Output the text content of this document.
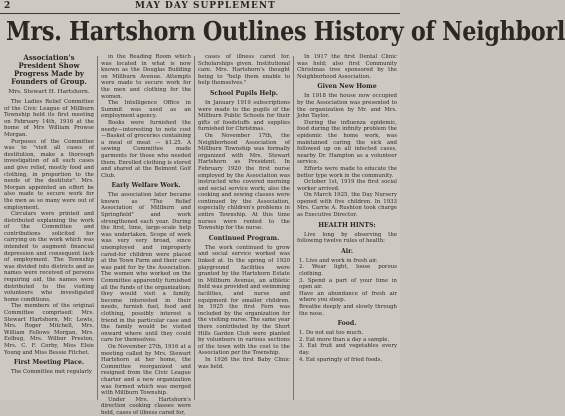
2	MAY DAY SUPPLEMENT
Mrs. Hartshorn Outlines History of Neighborl

Association's President Show Progress Made by Founders of Group.

Mrs. Stewart H. Hartshorn.

The Ladies Relief Committee of the Civic League of Millburn Township held its first meeting on February 14th, 1916 at the home of Mrs William Prowse Morgan.

Purposes of the Committee was to "visit all cases of destitution, make a thorough investigation of all such cases and give relief, mostly food and clothing, in proportion to the needs of the destitute". Mrs. Morgan appointed an effort be also made to secure work for the men as so many were out of employment.

Circulars were printed and distributed explaining the work of the Committee and contributions solicited for carrying on the work which was intended to augment financial depression and consequent lack of employment. The Township was divided into districts and as names were received of persons requiring aid, the names were distributed to the visiting volunteers who investigated home conditions.

The members of the original Committee comprised: Mrs. Stewart Hartshorn, Mr. Lewis, Mrs. Roger Mitchell, Mrs. William Fellows Morgan, Mrs. Eelbug, Mrs. Wilbur Preston, Mrs. C. F. Corby, Miss Elsie Young and Miss Bessie Fitchet.

First Meeting Place.

The Committee met regularly

in the Reading Room which was located in what is now known as the Douglas Building on Millburn Avenue. Attempts were made to secure work for the men and clothing for the women.

The Intelligence Office in Summit was used as an employment agency.

Books were furnished the needy—interesting to note cost—Basket of groceries containing a meal of meat — $1.25. A sewing Committee made garments for those who needed them. Enrolled clothing is stored and shared at the Belmont Golf Club.

Early Welfare Work.

The association later became known as "The Relief Association of Millburn and Springfield" and work strengthened each year. During the first, time, large-scale help was undertaken. Scope of work was very very broad, since unemployed and improperly cared-for children were placed at the Town Farm and their care was paid for by the Association. The women who worked on the Committee apparently furnished all the funds of the organization; they would visit a family, become interested in their needs, furnish fuel, food and clothing, possibly interest a friend in the particular case and the family would be visited onward where until they could care for themselves.

On November 27th, 1916 at a meeting called by Mrs. Stewart Hartshorn at her home, the Committee reorganized and resigned from the Civic League charter and a new organization was formed which was merged with Millburn Township.

Under Mrs. Hartshorn's direction cooking classes were held, cases of illness cared for,

cases of illness cared for. Scholarships given. Institutional care. Mrs. Hartshorn's thought being to "help them enable to help themselves."

School Pupils Help.

In January 1919 subscriptions were made to the pupils of the Millburn Public Schools for their gifts of foodstuffs and supplies furnished for Christmas.

On November 17th, the Neighborhood Association of Millburn Township was formally organized with Mrs. Stewart Hartshorn as President. In February 1920 the first nurse employed by the Association was instructed who covered morning and social service work; also the cooking and sewing classes were continued by the Association, especially children's problems in entire Township. At this time nurses were rented to the Township for the nurse.

Continued Program.

The work continued to grow and social service worked was linked at. In the spring of 1920 playground facilities were granted by the Hartshorn Estate in Millburn Avenue, an athletic field was provided and swimming facilities, and nurse and equipment for smaller children. In 1925 the first Fern was included by the organization for the visiting nurse. The same year there contributed by the Short Hills Garden Club were planted by volunteers in various sections of the town with the cost to the Association per the Township.

In 1926 the first Baby Clinic was held.

In 1917 the first Dental Clinic was held; also first Community Christmas tree sponsored by the Neighborhood Association.

Given New Home

In 1918 the house now occupied by the Association was presented to the organization by Mr. and Mrs. John Taylor.

During the influenza epidemic, food during the infinity problem the epidemic the home work, was maintained caring the sick and followed up on all infected cases, nearby Dr. Hampton as a volunteer service.

Efforts were made to educate the better type work in the community.

October 1st, 1919 the first social worker arrived.

On March 1925, the Day Nursery opened with five children. In 1933 Mrs. Carrie A. Rushton took charge as Executive Director.

HEALTH HINTS:

Live long by observing the following twelve rules of health:

Air.

1. Live and work in fresh air.

2. Wear light, loose porous clothing.

3. Spend a part of your time in open air.

Have an abundance of fresh air where you sleep.

Breathe deeply and slowly through the nose.

Food.

1. Do not eat too much.

2. Eat more than a day a sample.

3. Eat fruit and vegetables every day.

4. Eat sparingly of fried foods.
